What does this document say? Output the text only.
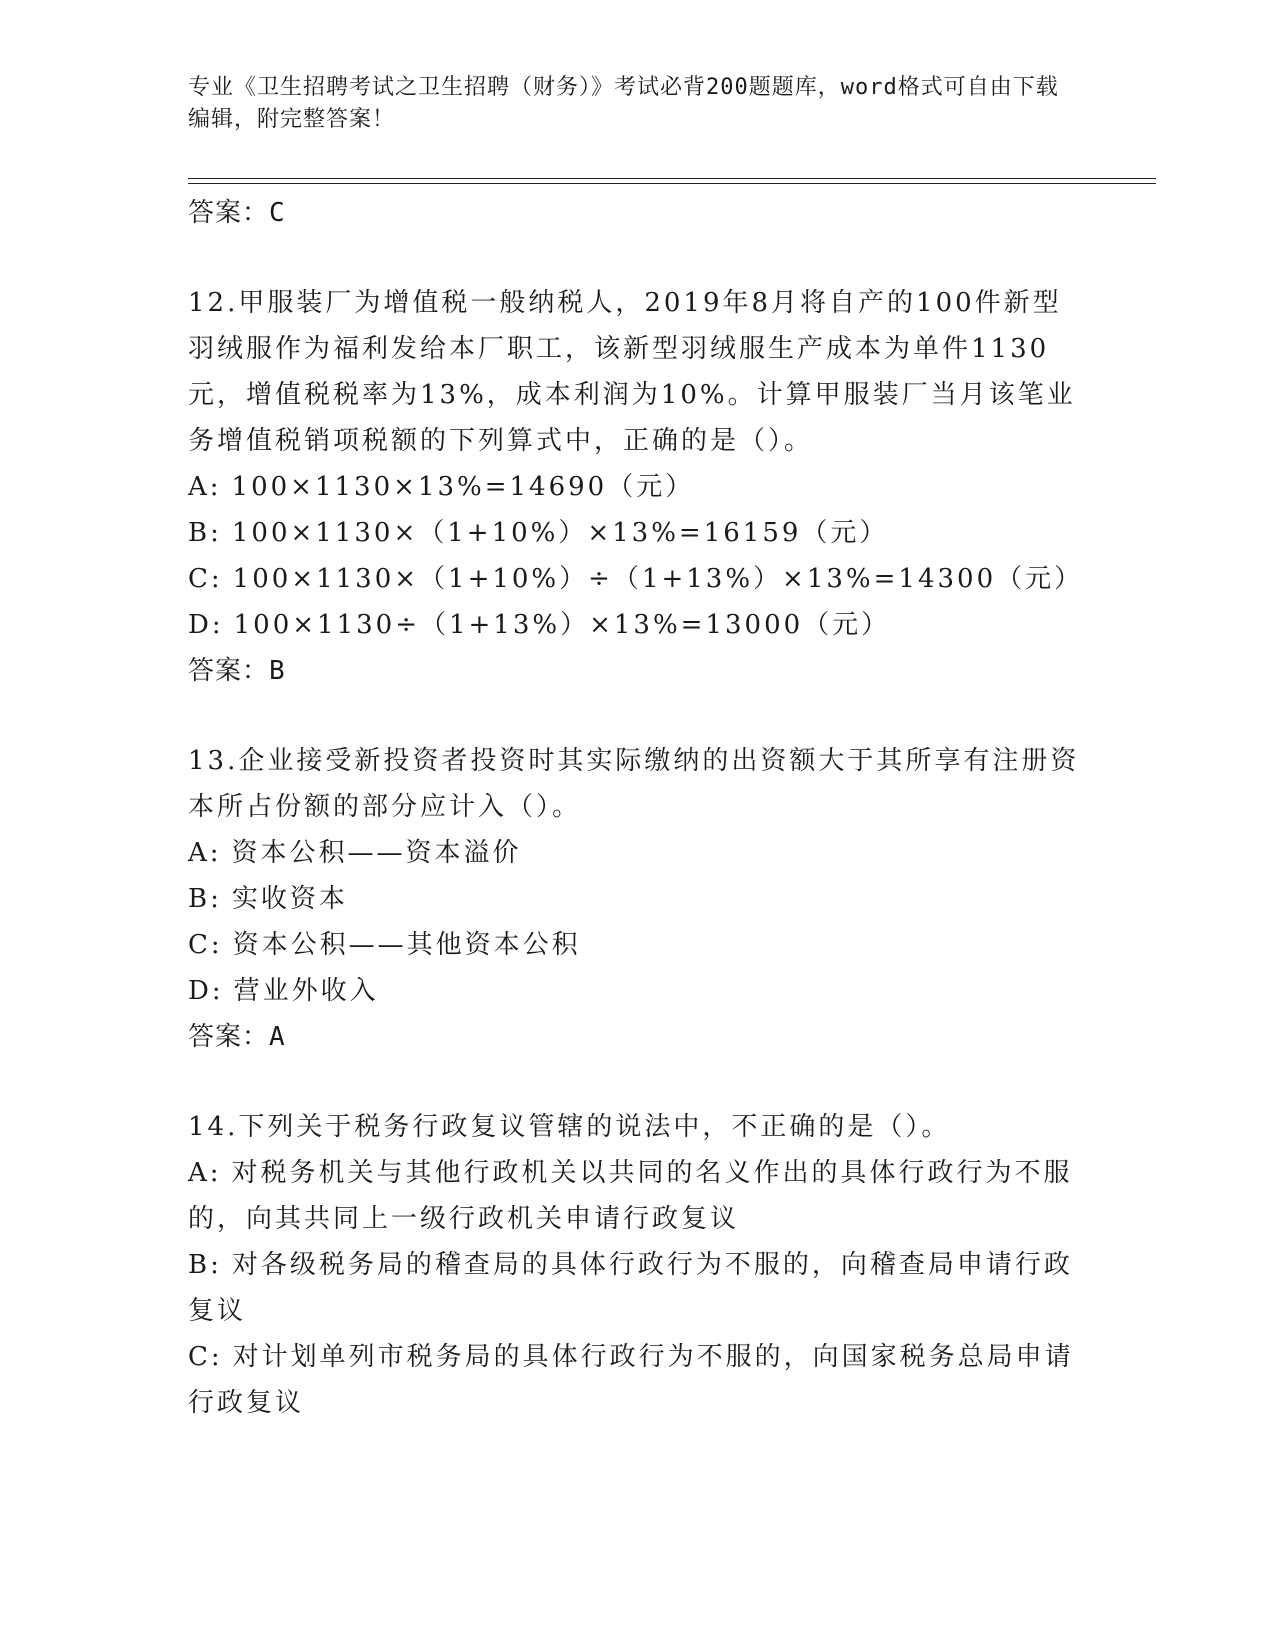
专业《卫生招聘考试之卫生招聘（财务）》考试必背200题题库，word格式可自由下载编辑，附完整答案！
答案：C

12.甲服装厂为增值税一般纳税人，2019年8月将自产的100件新型羽绒服作为福利发给本厂职工，该新型羽绒服生产成本为单件1130元，增值税税率为13%，成本利润为10%。计算甲服装厂当月该笔业务增值税销项税额的下列算式中，正确的是（）。

A: 100×1130×13%=14690（元）

B: 100×1130×（1+10%）×13%=16159（元）

C: 100×1130×（1+10%）÷（1+13%）×13%=14300（元）

D: 100×1130÷（1+13%）×13%=13000（元）

答案：B

13.企业接受新投资者投资时其实际缴纳的出资额大于其所享有注册资本所占份额的部分应计入（）。

A: 资本公积——资本溢价

B: 实收资本

C: 资本公积——其他资本公积

D: 营业外收入

答案：A

14.下列关于税务行政复议管辖的说法中，不正确的是（）。

A: 对税务机关与其他行政机关以共同的名义作出的具体行政行为不服的，向其共同上一级行政机关申请行政复议

B: 对各级税务局的稽查局的具体行政行为不服的，向稽查局申请行政复议

C: 对计划单列市税务局的具体行政行为不服的，向国家税务总局申请行政复议
